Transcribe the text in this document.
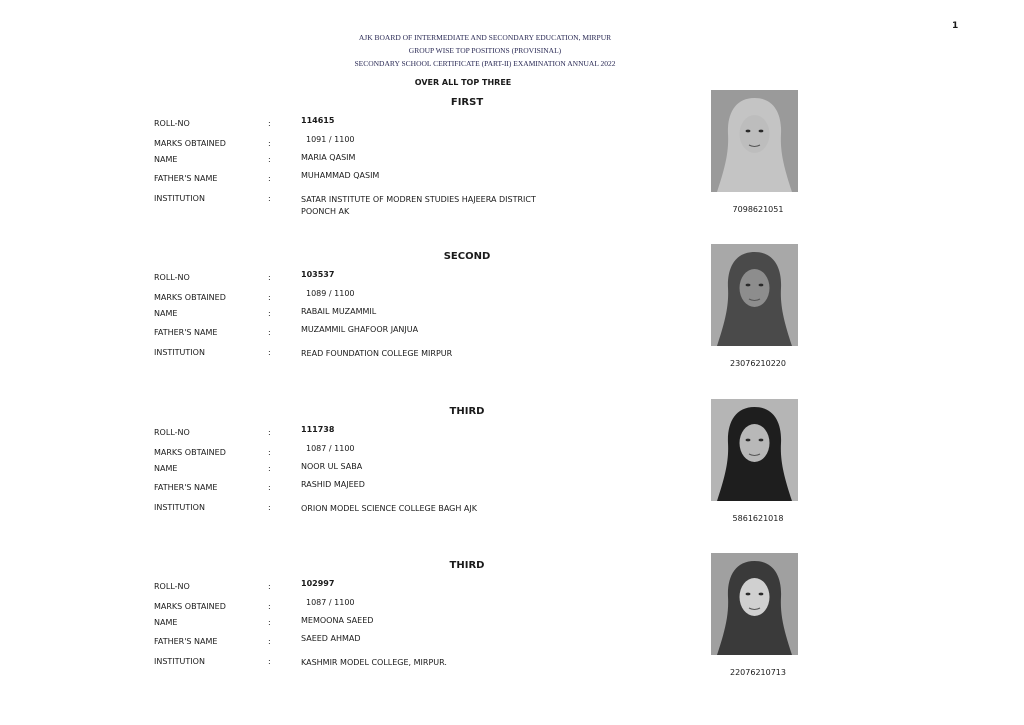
1
AJK BOARD OF INTERMEDIATE AND SECONDARY EDUCATION, MIRPUR
GROUP WISE TOP POSITIONS (PROVISINAL)
SECONDARY SCHOOL CERTIFICATE (PART-II) EXAMINATION ANNUAL 2022
OVER ALL TOP THREE
FIRST
ROLL-NO	:	114615
MARKS OBTAINED	:	1091 / 1100
NAME	:	MARIA QASIM
FATHER'S NAME	:	MUHAMMAD QASIM
INSTITUTION	:	SATAR INSTITUTE OF MODREN STUDIES HAJEERA DISTRICT POONCH AK	7098621051
SECOND
ROLL-NO	:	103537
MARKS OBTAINED	:	1089 / 1100
NAME	:	RABAIL MUZAMMIL
FATHER'S NAME	:	MUZAMMIL GHAFOOR JANJUA
INSTITUTION	:	READ FOUNDATION COLLEGE MIRPUR
23076210220
THIRD
ROLL-NO	:	111738
MARKS OBTAINED	:	1087 / 1100
NAME	:	NOOR UL SABA
FATHER'S NAME	:	RASHID MAJEED
INSTITUTION	:	ORION MODEL SCIENCE COLLEGE BAGH AJK
5861621018
THIRD
ROLL-NO	:	102997
MARKS OBTAINED	:	1087 / 1100
NAME	:	MEMOONA SAEED
FATHER'S NAME	:	SAEED AHMAD
INSTITUTION	:	KASHMIR MODEL COLLEGE, MIRPUR.
22076210713
